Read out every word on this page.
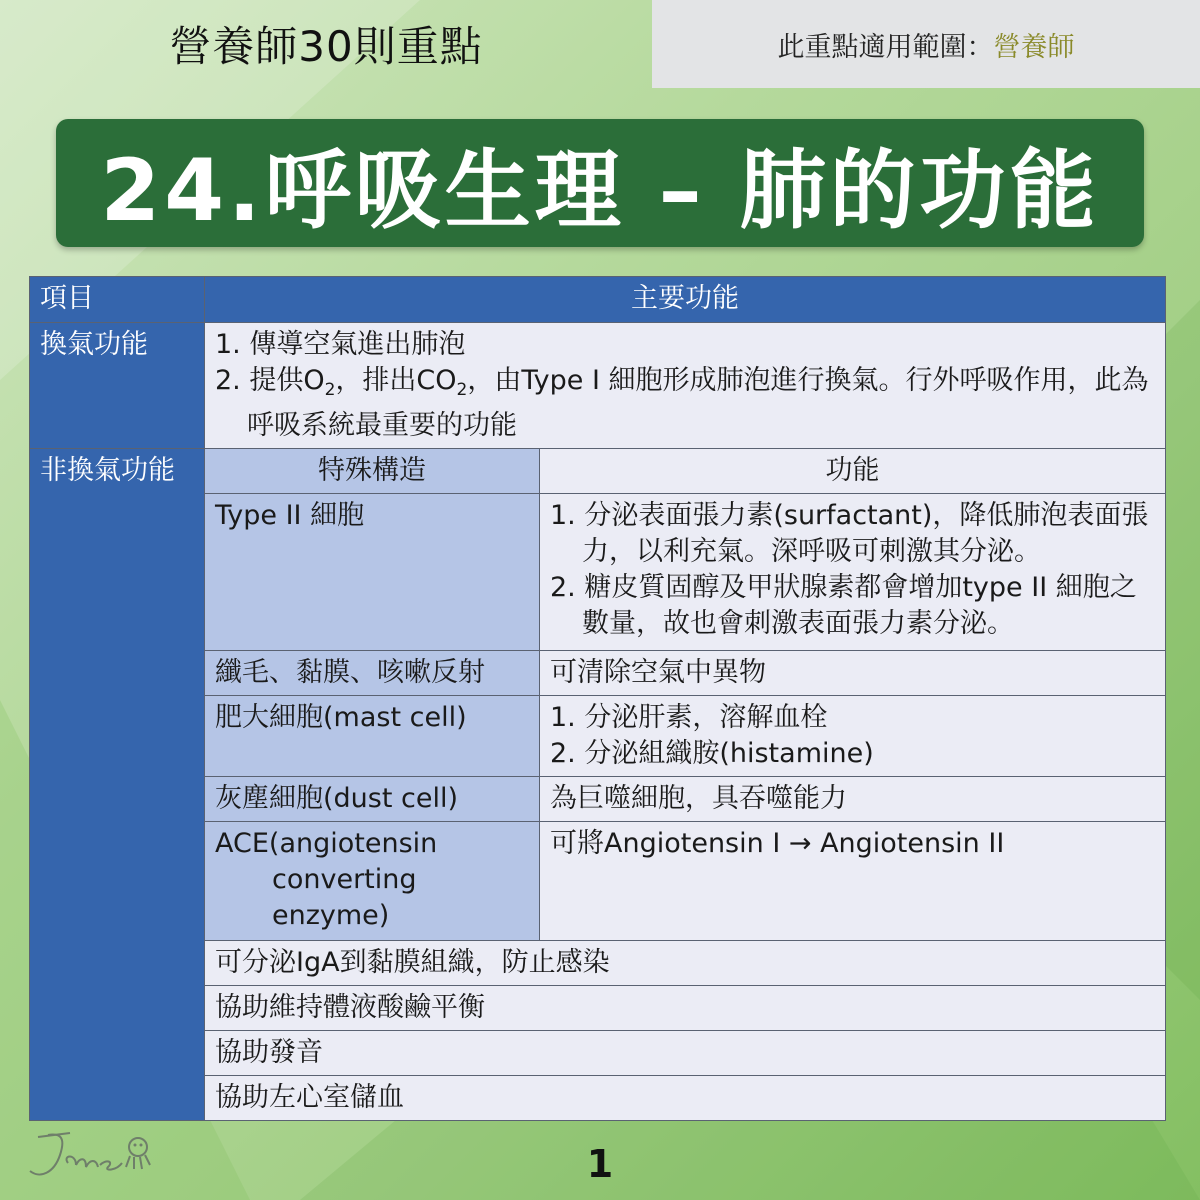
營養師30則重點	此重點適用範圍： 營養師
24.呼吸生理 – 肺的功能
項目	主要功能	
換氣功能	1. 傳導空氣進出肺泡
2. 提供$O_2$，排出$CO_2$，由Type Ⅰ 細胞形成肺泡進行換氣。行外呼吸作用，此為呼吸系統最重要的功能	

非換氣功能	特殊構造	功能
	Type II 細胞	1. 分泌表面張力素(surfactant)，降低肺泡表面張力，以利充氣。深呼吸可刺激其分泌。
2. 糖皮質固醇及甲狀腺素都會增加type II 細胞之數量，故也會刺激表面張力素分泌。

	纖毛、黏膜、咳嗽反射	可清除空氣中異物

	肥大細胞(mast cell)	1. 分泌肝素，溶解血栓
2. 分泌組織胺(histamine)

	灰塵細胞(dust cell)	為巨噬細胞，具吞噬能力

	ACE(angiotensin converting enzyme)	可將Angiotensin Ⅰ → Angiotensin II

	可分泌IgA到黏膜組織，防止感染	
	協助維持體液酸鹼平衡	
	協助發音	
	協助左心室儲血	
1
